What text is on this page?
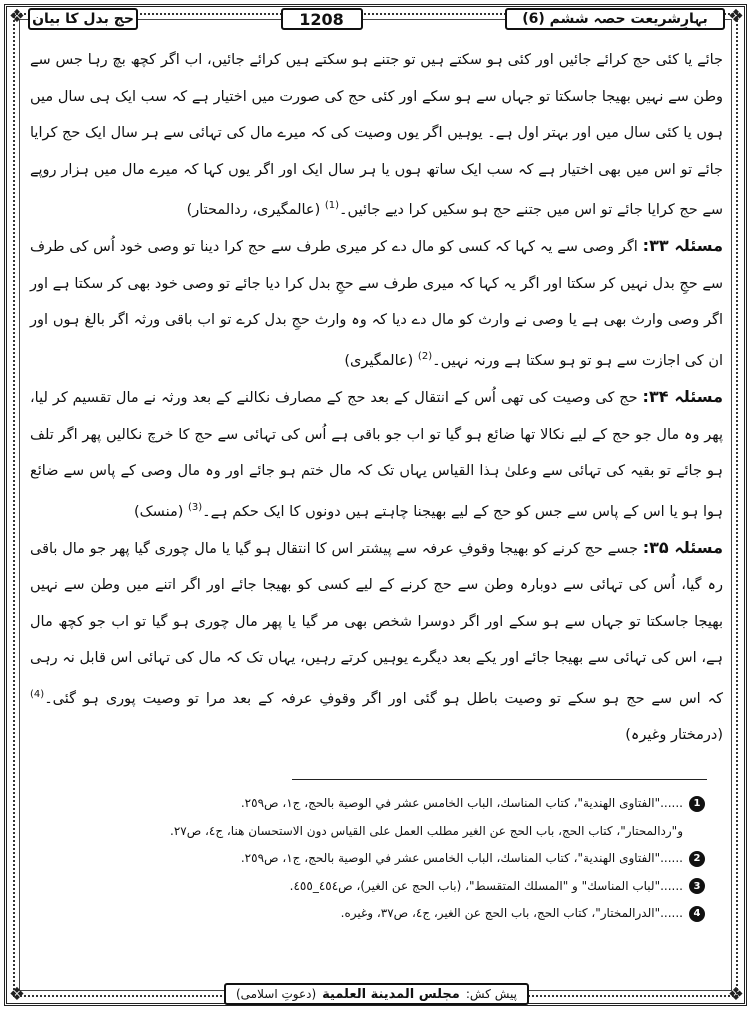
❖	❖
❖	❖
حج بدل کا بیان	1208	بہارِشریعت حصہ ششم (6)

جائے یا کئی حج کرائے جائیں اور کئی ہو سکتے ہیں تو جتنے ہو سکتے ہیں کرائے جائیں، اب اگر کچھ بچ رہا جس سے وطن سے نہیں بھیجا جاسکتا تو جہاں سے ہو سکے اور کئی حج کی صورت میں اختیار ہے کہ سب ایک ہی سال میں ہوں یا کئی سال میں اور بہتر اول ہے۔ یوہیں اگر یوں وصیت کی کہ میرے مال کی تہائی سے ہر سال ایک حج کرایا جائے تو اس میں بھی اختیار ہے کہ سب ایک ساتھ ہوں یا ہر سال ایک اور اگر یوں کہا کہ میرے مال میں ہزار روپے سے حج کرایا جائے تو اس میں جتنے حج ہو سکیں کرا دیے جائیں۔$^{(1)}$ (عالمگیری، ردالمحتار)

مسئلہ ۳۳: اگر وصی سے یہ کہا کہ کسی کو مال دے کر میری طرف سے حج کرا دینا تو وصی خود اُس کی طرف سے حجِ بدل نہیں کر سکتا اور اگر یہ کہا کہ میری طرف سے حجِ بدل کرا دیا جائے تو وصی خود بھی کر سکتا ہے اور اگر وصی وارث بھی ہے یا وصی نے وارث کو مال دے دیا کہ وہ وارث حجِ بدل کرے تو اب باقی ورثہ اگر بالغ ہوں اور ان کی اجازت سے ہو تو ہو سکتا ہے ورنہ نہیں۔$^{(2)}$ (عالمگیری)

مسئلہ ۳۴: حج کی وصیت کی تھی اُس کے انتقال کے بعد حج کے مصارف نکالنے کے بعد ورثہ نے مال تقسیم کر لیا، پھر وہ مال جو حج کے لیے نکالا تھا ضائع ہو گیا تو اب جو باقی ہے اُس کی تہائی سے حج کا خرچ نکالیں پھر اگر تلف ہو جائے تو بقیہ کی تہائی سے وعلیٰ ہذا القیاس یہاں تک کہ مال ختم ہو جائے اور وہ مال وصی کے پاس سے ضائع ہوا ہو یا اس کے پاس سے جس کو حج کے لیے بھیجنا چاہتے ہیں دونوں کا ایک حکم ہے۔$^{(3)}$ (منسک)

مسئلہ ۳۵: جسے حج کرنے کو بھیجا وقوفِ عرفہ سے پیشتر اس کا انتقال ہو گیا یا مال چوری گیا پھر جو مال باقی رہ گیا، اُس کی تہائی سے دوبارہ وطن سے حج کرنے کے لیے کسی کو بھیجا جائے اور اگر اتنے میں وطن سے نہیں بھیجا جاسکتا تو جہاں سے ہو سکے اور اگر دوسرا شخص بھی مر گیا یا پھر مال چوری ہو گیا تو اب جو کچھ مال ہے، اس کی تہائی سے بھیجا جائے اور یکے بعد دیگرے یوہیں کرتے رہیں، یہاں تک کہ مال کی تہائی اس قابل نہ رہی کہ اس سے حج ہو سکے تو وصیت باطل ہو گئی اور اگر وقوفِ عرفہ کے بعد مرا تو وصیت پوری ہو گئی۔$^{(4)}$ (درمختار وغیرہ)

1
......"الفتاوى الهندية"، كتاب المناسك، الباب الخامس عشر في الوصية بالحج، ج١، ص٢٥٩.
و"ردالمحتار"، كتاب الحج، باب الحج عن الغير مطلب العمل على القياس دون الاستحسان هنا، ج٤، ص٢٧.
2
......"الفتاوى الهندية"، كتاب المناسك، الباب الخامس عشر في الوصية بالحج، ج١، ص٢٥٩.
3
......"لباب المناسك" و "المسلك المتقسط"، (باب الحج عن الغير)، ص٤٥٤_٤٥٥.
4
......"الدرالمختار"، كتاب الحج، باب الحج عن الغير، ج٤، ص٣٧، وغيره.
پیش کش:
مجلس المدينة العلمية
(دعوتِ اسلامی)
